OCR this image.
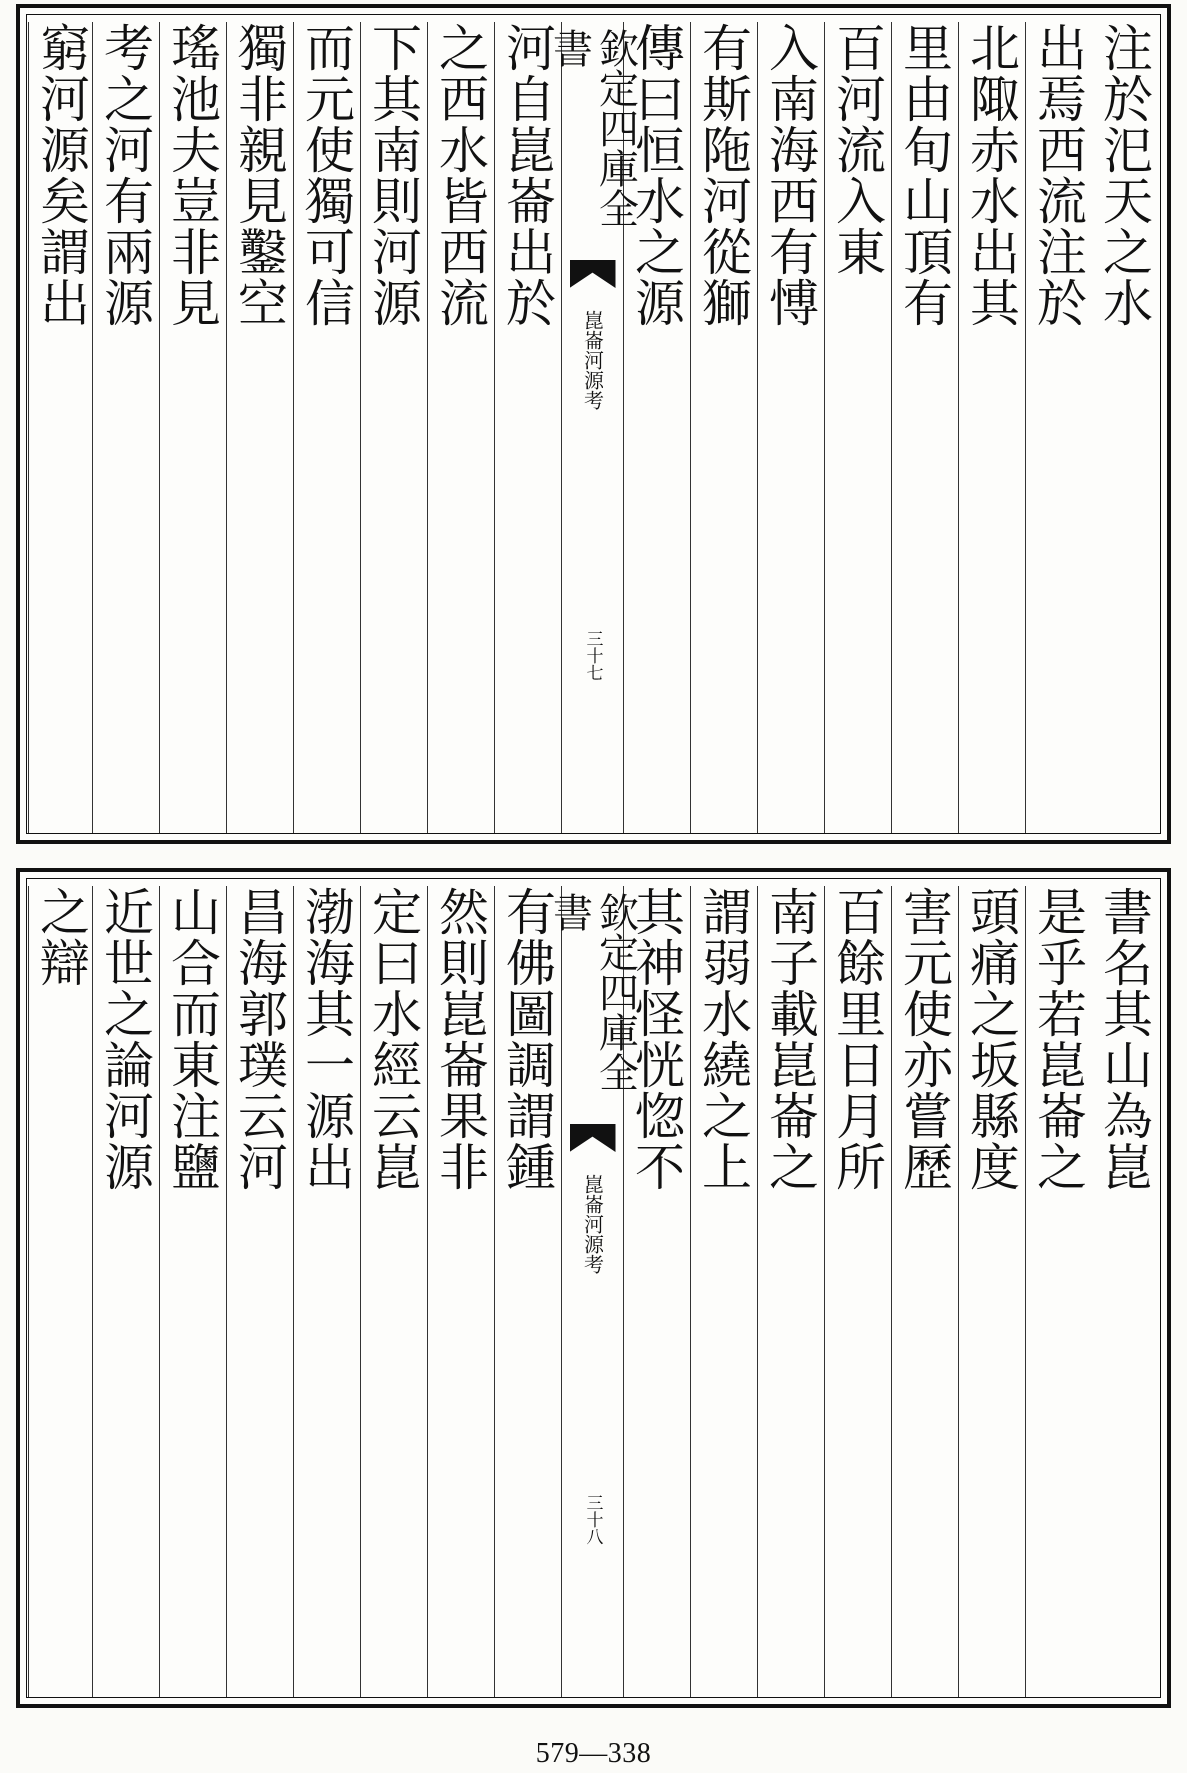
注於汜天之水
出焉西流注於
北陬赤水出其
里由旬山頂有
百河流入東
入南海西有愽
有斯陁河從獅
傳曰恒水之源
欽定四庫全書
崑崙河源考
三十七
河自崑崙出於
之西水皆西流
下其南則河源
而元使獨可信
獨非親見鑿空
瑤池夫豈非見
考之河有兩源
窮河源矣謂出
書名其山為崑
是乎若崑崙之
頭痛之坂縣度
害元使亦嘗歷
百餘里日月所
南子載崑崙之
謂弱水繞之上
其神怪恍惚不
欽定四庫全書
崑崙河源考
三十八
有佛圖調謂鍾
然則崑崙果非
定曰水經云崑
渤海其一源出
昌海郭璞云河
山合而東注鹽
近世之論河源
之辯
579—338
